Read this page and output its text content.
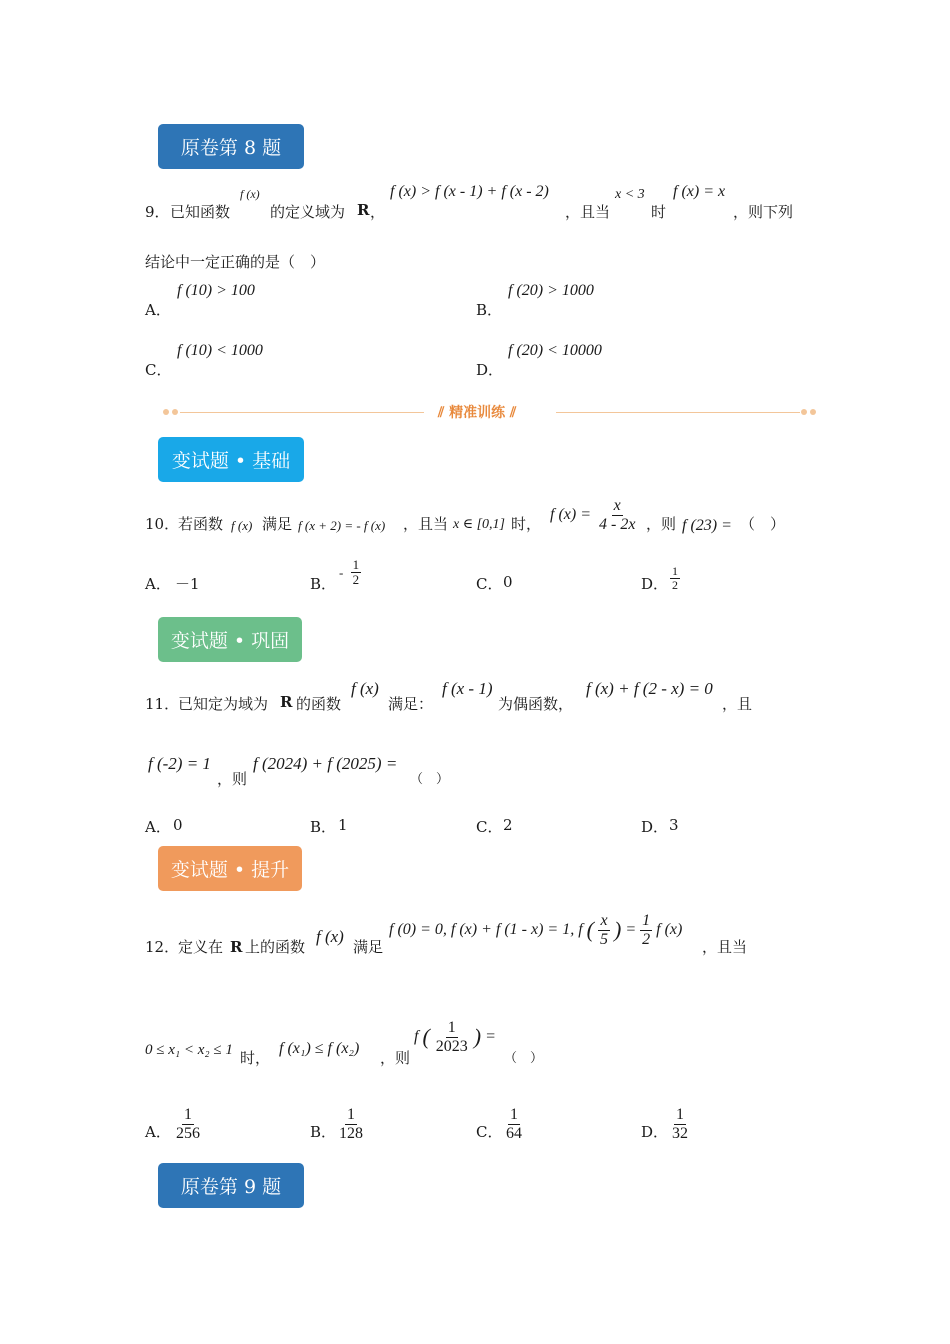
原卷第 8 题
9． 已知函数
f (x)
的定义域为 R ，
f (x) > f (x - 1) + f (x - 2)
，且当
x < 3
时
f (x) = x
，则下列
结论中一定正确的是（　）
A．
f (10) > 100
B．
f (20) > 1000
C．
f (10) < 1000
D．
f (20) < 10000
⫽ 精准训练 ⫽
变试题 • 基础
10．
若函数 f (x) 满足 f (x + 2) = - f (x) ，且当 x ∈ [0,1] 时，
f $(x) = \frac{x}{4 - 2x}$ ，则 f (23) = （　）
A． －1	B．
- $\frac{1}{2}$	C． 0	D． $\frac{1}{2}$
变试题 • 巩固
11．
已知定为域为 R 的函数
f (x)
满足：
f (x - 1)
为偶函数，
f (x) + f (2 - x) = 0
，且
f (-2) = 1
，则
f (2024) + f (2025) =
（　）
A． 0	B． 1	C． 2	D． 3
变试题 • 提升
12．
定义在 R 上的函数
f (x)
满足
f (0) = 0, f (x) + f (1 - x) = 1, f ( $\frac{x}{5}$ ) = $\frac{1}{2}$ f (x)
，且当
0 ≤ x₁ < x₂ ≤ 1 时，
f (x₁) ≤ f (x₂)
，则
f ( $\frac{1}{2023}$ ) =
（　）
A． $\frac{1}{256}$	B． $\frac{1}{128}$	C． $\frac{1}{64}$	D． $\frac{1}{32}$
原卷第 9 题
